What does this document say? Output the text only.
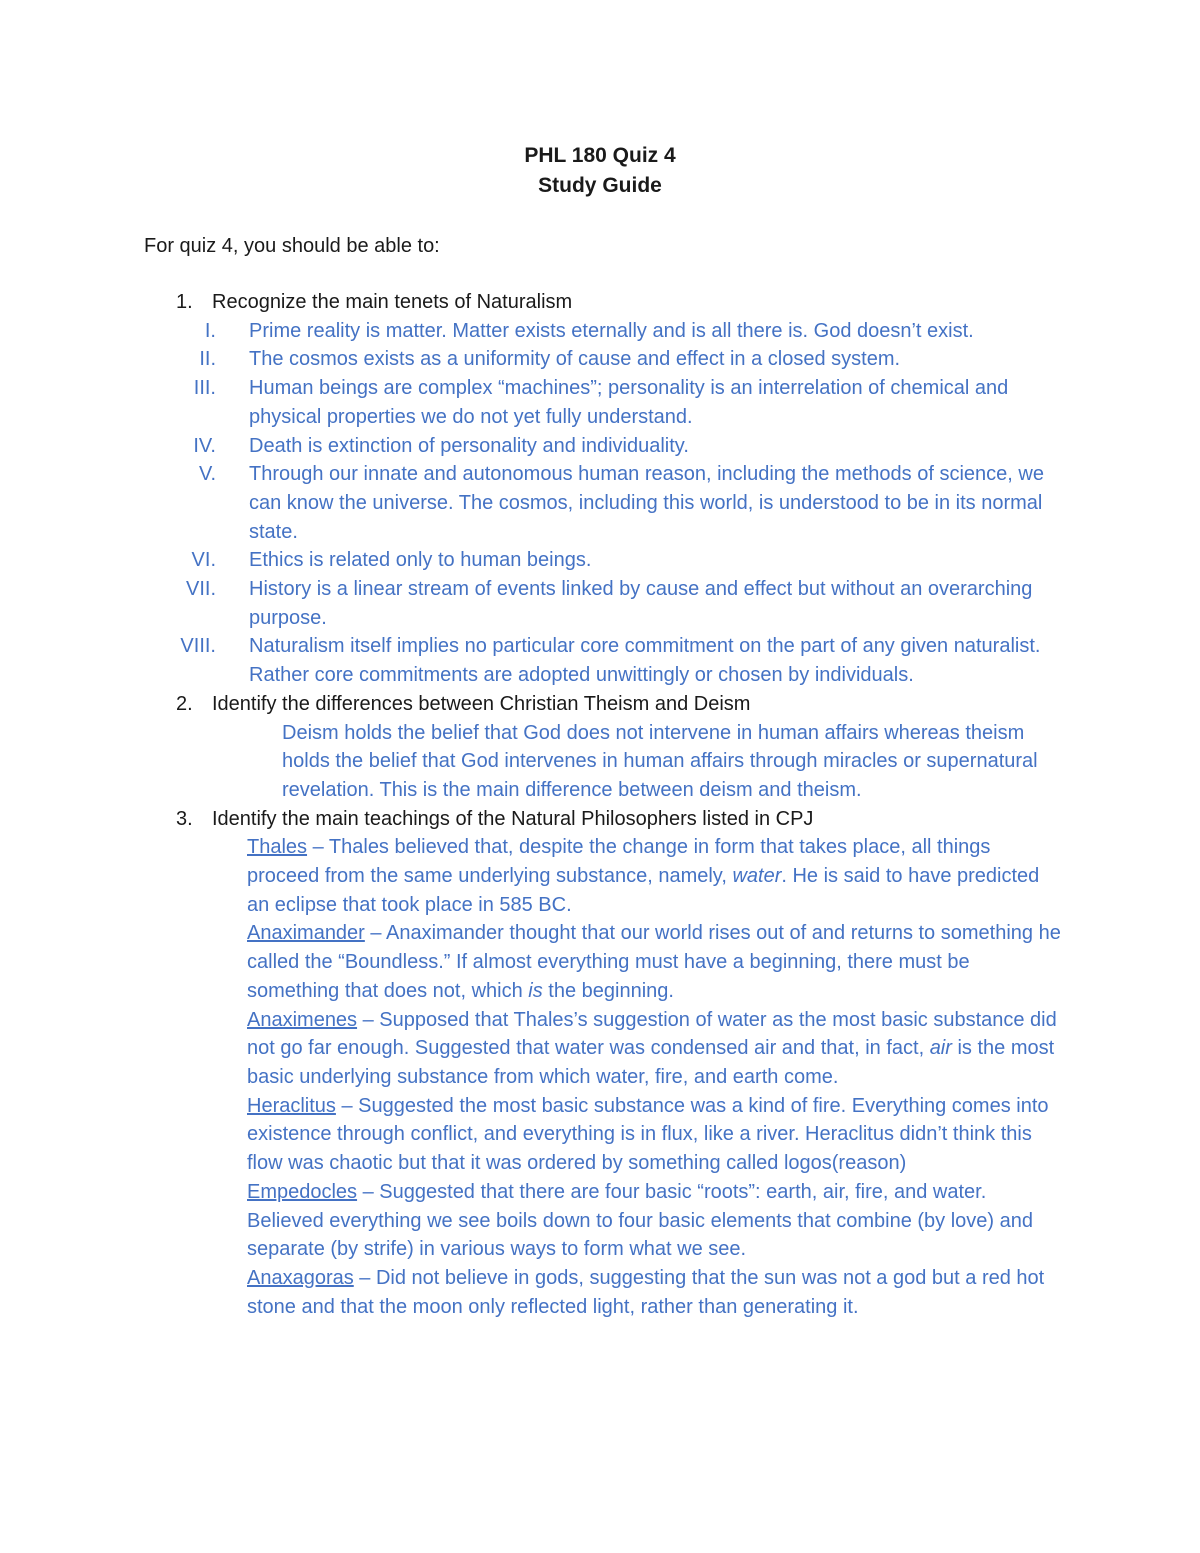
PHL 180 Quiz 4
Study Guide
For quiz 4, you should be able to:
1. Recognize the main tenets of Naturalism
I.	Prime reality is matter. Matter exists eternally and is all there is. God doesn’t exist.
II.	The cosmos exists as a uniformity of cause and effect in a closed system.
III.	Human beings are complex “machines”; personality is an interrelation of chemical and physical properties we do not yet fully understand.
IV.	Death is extinction of personality and individuality.
V.	Through our innate and autonomous human reason, including the methods of science, we can know the universe. The cosmos, including this world, is understood to be in its normal state.
VI.	Ethics is related only to human beings.
VII.	History is a linear stream of events linked by cause and effect but without an overarching purpose.
VIII.	Naturalism itself implies no particular core commitment on the part of any given naturalist. Rather core commitments are adopted unwittingly or chosen by individuals.
2. Identify the differences between Christian Theism and Deism
Deism holds the belief that God does not intervene in human affairs whereas theism holds the belief that God intervenes in human affairs through miracles or supernatural revelation. This is the main difference between deism and theism.
3. Identify the main teachings of the Natural Philosophers listed in CPJ
Thales – Thales believed that, despite the change in form that takes place, all things proceed from the same underlying substance, namely, water. He is said to have predicted an eclipse that took place in 585 BC.
Anaximander – Anaximander thought that our world rises out of and returns to something he called the “Boundless.” If almost everything must have a beginning, there must be something that does not, which is the beginning.
Anaximenes – Supposed that Thales’s suggestion of water as the most basic substance did not go far enough. Suggested that water was condensed air and that, in fact, air is the most basic underlying substance from which water, fire, and earth come.
Heraclitus – Suggested the most basic substance was a kind of fire. Everything comes into existence through conflict, and everything is in flux, like a river. Heraclitus didn’t think this flow was chaotic but that it was ordered by something called logos(reason)
Empedocles – Suggested that there are four basic “roots”: earth, air, fire, and water. Believed everything we see boils down to four basic elements that combine (by love) and separate (by strife) in various ways to form what we see.
Anaxagoras – Did not believe in gods, suggesting that the sun was not a god but a red hot stone and that the moon only reflected light, rather than generating it.
